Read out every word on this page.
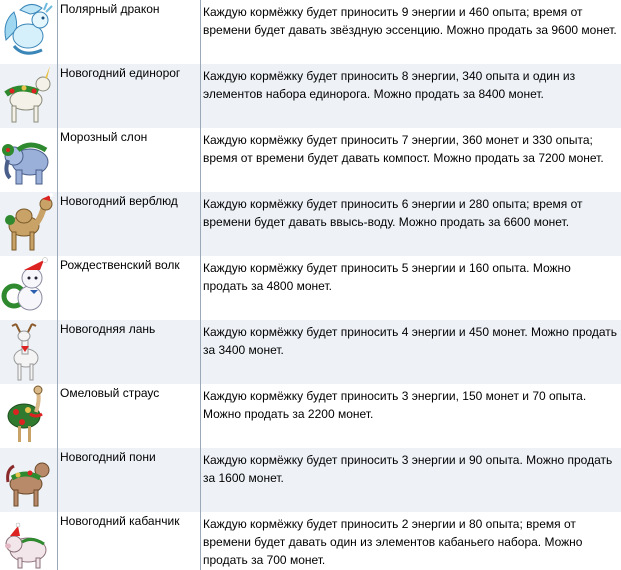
Полярный дракон	Каждую кормёжку будет приносить 9 энергии и 460 опыта; время от времени будет давать звёздную эссенцию. Можно продать за 9600 монет.
Новогодний единорог	Каждую кормёжку будет приносить 8 энергии, 340 опыта и один из элементов набора единорога. Можно продать за 8400 монет.
Морозный слон	Каждую кормёжку будет приносить 7 энергии, 360 монет и 330 опыта; время от времени будет давать компост. Можно продать за 7200 монет.
Новогодний верблюд	Каждую кормёжку будет приносить 6 энергии и 280 опыта; время от времени будет давать ввысь-воду. Можно продать за 6600 монет.
Рождественский волк	Каждую кормёжку будет приносить 5 энергии и 160 опыта. Можно продать за 4800 монет.
Новогодняя лань	Каждую кормёжку будет приносить 4 энергии и 450 монет. Можно продать за 3400 монет.
Омеловый страус	Каждую кормёжку будет приносить 3 энергии, 150 монет и 70 опыта. Можно продать за 2200 монет.
Новогодний пони	Каждую кормёжку будет приносить 3 энергии и 90 опыта. Можно продать за 1600 монет.
Новогодний кабанчик	Каждую кормёжку будет приносить 2 энергии и 80 опыта; время от времени будет давать один из элементов кабаньего набора. Можно продать за 700 монет.
